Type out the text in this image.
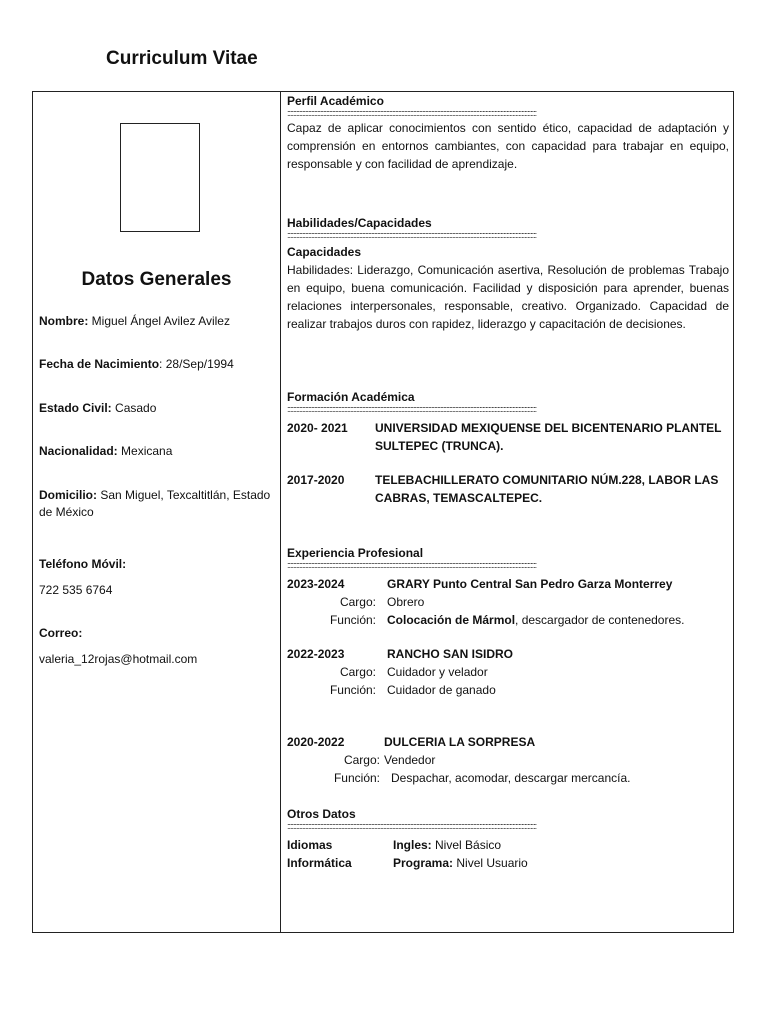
Curriculum Vitae
Datos Generales
Nombre: Miguel Ángel Avilez Avilez
Fecha de Nacimiento: 28/Sep/1994
Estado Civil: Casado
Nacionalidad: Mexicana
Domicilio: San Miguel, Texcaltitlán, Estado de México
Teléfono Móvil:
722 535 6764
Correo:
valeria_12rojas@hotmail.com
Perfil Académico
::::::::::::::::::::::::::::::::::::::::::::::::::::::::::::::::::::::::::::::::::::::::::::::::::::::::::::::::::::::::::::::::::::::::::::::::::::::::::::::::::::::
Capaz de aplicar conocimientos con sentido ético, capacidad de adaptación y comprensión en entornos cambiantes, con capacidad para trabajar en equipo, responsable y con facilidad de aprendizaje.
Habilidades/Capacidades
::::::::::::::::::::::::::::::::::::::::::::::::::::::::::::::::::::::::::::::::::::::::::::::::::::::::::::::::::::::::::::::::::::::::::::::::::::::::::::::::::::::
Capacidades
Habilidades: Liderazgo, Comunicación asertiva, Resolución de problemas Trabajo en equipo, buena comunicación. Facilidad y disposición para aprender, buenas relaciones interpersonales, responsable, creativo. Organizado. Capacidad de realizar trabajos duros con rapidez, liderazgo y capacitación de decisiones.
Formación Académica
::::::::::::::::::::::::::::::::::::::::::::::::::::::::::::::::::::::::::::::::::::::::::::::::::::::::::::::::::::::::::::::::::::::::::::::::::::::::::::::::::::::
2020- 2021 UNIVERSIDAD MEXIQUENSE DEL BICENTENARIO PLANTEL SULTEPEC (TRUNCA).
2017-2020	TELEBACHILLERATO COMUNITARIO NÚM.228, LABOR LAS CABRAS, TEMASCALTEPEC.
Experiencia Profesional
::::::::::::::::::::::::::::::::::::::::::::::::::::::::::::::::::::::::::::::::::::::::::::::::::::::::::::::::::::::::::::::::::::::::::::::::::::::::::::::::::::::
2023-2024	GRARY Punto Central San Pedro Garza Monterrey
Cargo: Obrero
Función: Colocación de Mármol, descargador de contenedores.
2022-2023	RANCHO SAN ISIDRO
Cargo: Cuidador y velador
Función: Cuidador de ganado
2020-2022	DULCERIA LA SORPRESA
Cargo: Vendedor
Función: Despachar, acomodar, descargar mercancía.
Otros Datos
::::::::::::::::::::::::::::::::::::::::::::::::::::::::::::::::::::::::::::::::::::::::::::::::::::::::::::::::::::::::::::::::::::::::::::::::::::::::::::::::::::::
Idiomas	Ingles: Nivel Básico
Informática	Programa: Nivel Usuario
